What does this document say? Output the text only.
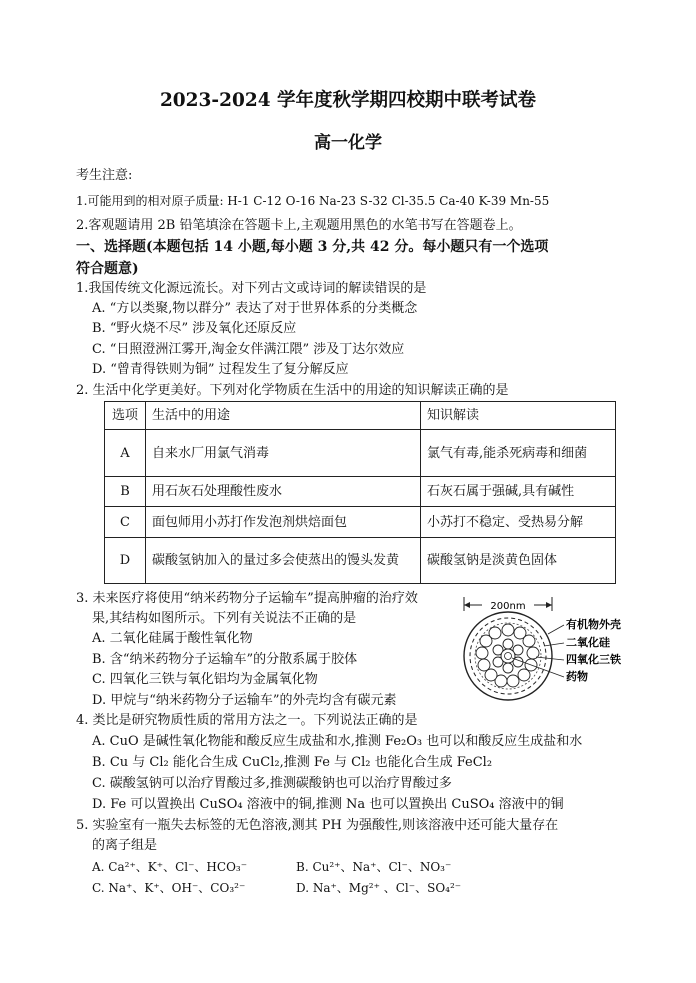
2023-2024 学年度秋学期四校期中联考试卷
高一化学
考生注意:
1.可能用到的相对原子质量: H-1 C-12 O-16 Na-23 S-32 Cl-35.5 Ca-40 K-39 Mn-55
2.客观题请用 2B 铅笔填涂在答题卡上,主观题用黑色的水笔书写在答题卷上。
一、选择题(本题包括 14 小题,每小题 3 分,共 42 分。每小题只有一个选项
符合题意)
1.我国传统文化源远流长。对下列古文或诗词的解读错误的是
A. “方以类聚,物以群分” 表达了对于世界体系的分类概念
B. “野火烧不尽” 涉及氧化还原反应
C. “日照澄洲江雾开,淘金女伴满江隈” 涉及丁达尔效应
D. “曾青得铁则为铜” 过程发生了复分解反应
2. 生活中化学更美好。下列对化学物质在生活中的用途的知识解读正确的是
选项	生活中的用途	知识解读
A	自来水厂用氯气消毒	氯气有毒,能杀死病毒和细菌
B	用石灰石处理酸性废水	石灰石属于强碱,具有碱性
C	面包师用小苏打作发泡剂烘焙面包	小苏打不稳定、受热易分解
D	碳酸氢钠加入的量过多会使蒸出的馒头发黄	碳酸氢钠是淡黄色固体
3. 未来医疗将使用“纳米药物分子运输车”提高肿瘤的治疗效
果,其结构如图所示。下列有关说法不正确的是
A. 二氧化硅属于酸性氧化物
B. 含“纳米药物分子运输车”的分散系属于胶体
C. 四氧化三铁与氧化铝均为金属氧化物
D. 甲烷与“纳米药物分子运输车”的外壳均含有碳元素
200nm
有机物外壳
二氧化硅
四氧化三铁
药物
4. 类比是研究物质性质的常用方法之一。下列说法正确的是
A. CuO 是碱性氧化物能和酸反应生成盐和水,推测 Fe₂O₃ 也可以和酸反应生成盐和水
B. Cu 与 Cl₂ 能化合生成 CuCl₂,推测 Fe 与 Cl₂ 也能化合生成 FeCl₂
C. 碳酸氢钠可以治疗胃酸过多,推测碳酸钠也可以治疗胃酸过多
D. Fe 可以置换出 CuSO₄ 溶液中的铜,推测 Na 也可以置换出 CuSO₄ 溶液中的铜
5. 实验室有一瓶失去标签的无色溶液,测其 PH 为强酸性,则该溶液中还可能大量存在
的离子组是
A. Ca²⁺、K⁺、Cl⁻、HCO₃⁻	B. Cu²⁺、Na⁺、Cl⁻、NO₃⁻
C. Na⁺、K⁺、OH⁻、CO₃²⁻	D. Na⁺、Mg²⁺ 、Cl⁻、SO₄²⁻
